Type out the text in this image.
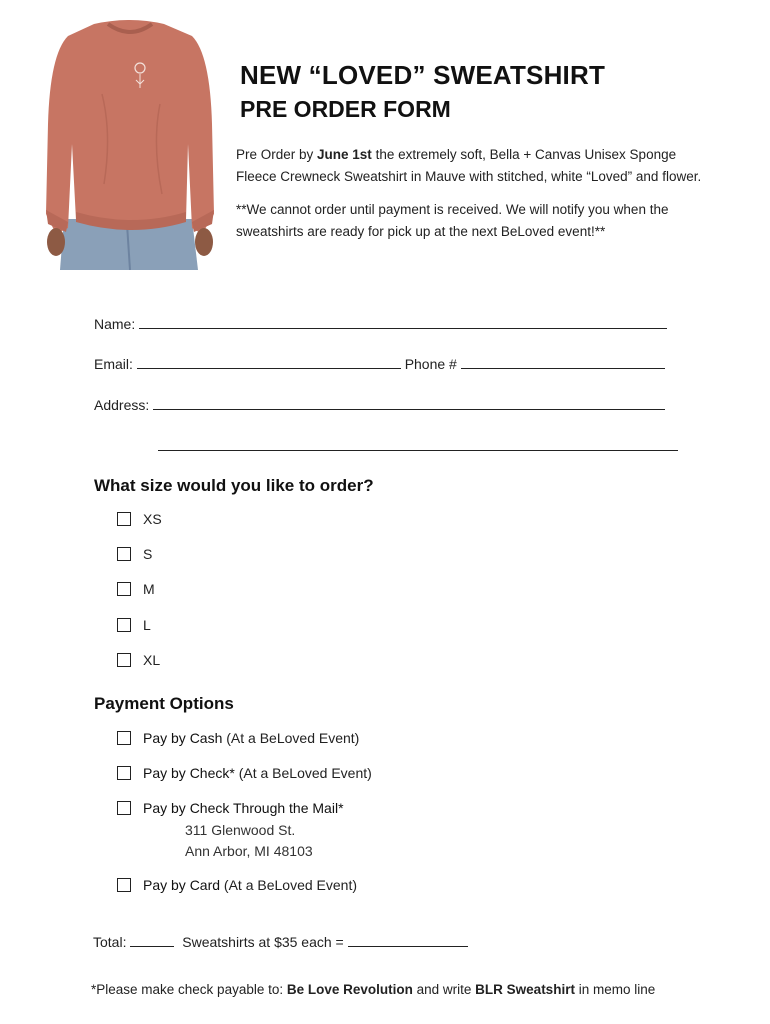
NEW “LOVED” SWEATSHIRT
PRE ORDER FORM

Pre Order by June 1st the extremely soft, Bella + Canvas Unisex Sponge Fleece Crewneck Sweatshirt in Mauve with stitched, white “Loved” and flower.

**We cannot order until payment is received. We will notify you when the sweatshirts are ready for pick up at the next BeLoved event!**

Name:
Email:	Phone #
Address:
What size would you like to order?
XS
S
M
L
XL
Payment Options
Pay by Cash (At a BeLoved Event)
Pay by Check* (At a BeLoved Event)
Pay by Check Through the Mail*
311 Glenwood St.
Ann Arbor, MI 48103
Pay by Card (At a BeLoved Event)
Total:	Sweatshirts at $35 each =
*Please make check payable to: Be Love Revolution and write BLR Sweatshirt in memo line
